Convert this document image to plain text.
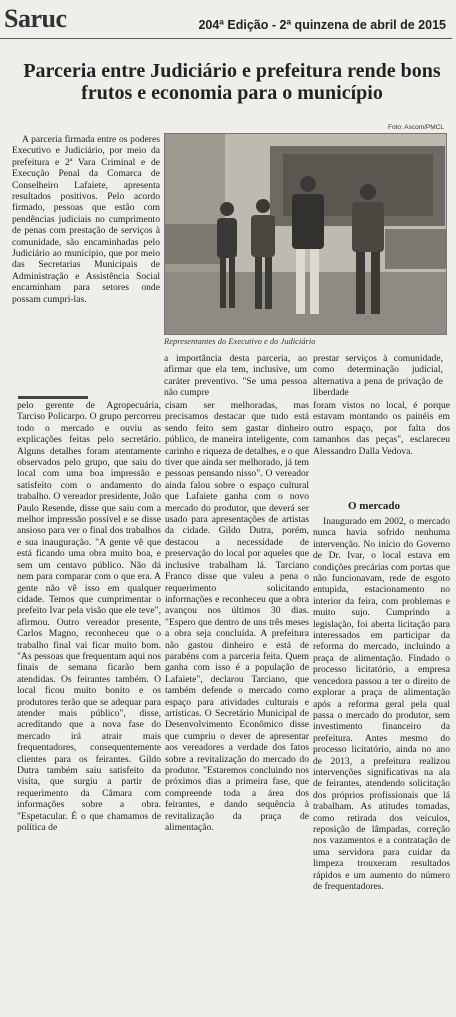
Saruc	204ª Edição - 2ª quinzena de abril de 2015
Parceria entre Judiciário e prefeitura rende bons frutos e economia para o município
Foto: Ascom/PMCL

A parceria firmada entre os poderes Executivo e Judiciário, por meio da prefeitura e 2ª Vara Criminal e de Execução Penal da Comarca de Conselheiro Lafaiete, apresenta resultados positivos. Pelo acordo firmado, pessoas que estão com pendências judiciais no cumprimento de penas com prestação de serviços à comunidade, são encaminhadas pelo Judiciário ao município, que por meio das Secretarias Municipais de Administração e Assistência Social encaminham para setores onde possam cumpri-las.

Representantes do Executivo e do Judiciário

a importância desta parceria, ao afirmar que ela tem, inclusive, um caráter preventivo. "Se uma pessoa não cumpre

prestar serviços à comunidade, como determinação judicial, alternativa a pena de privação de liberdade

pelo gerente de Agropecuária, Tarciso Policarpo. O grupo percorreu todo o mercado e ouviu as explicações feitas pelo secretário. Alguns detalhes foram atentamente observados pelo grupo, que saiu do local com uma boa impressão e satisfeito com o andamento do trabalho. O vereador presidente, João Paulo Resende, disse que saiu com a melhor impressão possível e se disse ansioso para ver o final dos trabalhos e sua inauguração. "A gente vê que está ficando uma obra muito boa, e sem um centavo público. Não dá nem para comparar com o que era. A gente não vê isso em qualquer cidade. Temos que cumprimentar o prefeito Ivar pela visão que ele teve", afirmou. Outro vereador presente, Carlos Magno, reconheceu que o trabalho final vai ficar muito bom. "As pessoas que frequentam aqui nos finais de semana ficarão bem atendidas. Os feirantes também. O local ficou muito bonito e os produtores terão que se adequar para atender mais público", disse, acreditando que a nova fase do mercado irá atrair mais frequentadores, consequentemente clientes para os feirantes. Gildo Dutra também saiu satisfeito da visita, que surgiu a partir de requerimento da Câmara com informações sobre a obra. "Espetacular. É o que chamamos de política de

cisam ser melhoradas, mas precisamos destacar que tudo está sendo feito sem gastar dinheiro público, de maneira inteligente, com carinho e riqueza de detalhes, e o que tiver que ainda ser melhorado, já tem pessoas pensando nisso". O vereador ainda falou sobre o espaço cultural que Lafaiete ganha com o novo mercado do produtor, que deverá ser usado para apresentações de artistas da cidade. Gildo Dutra, porém, destacou a necessidade de preservação do local por aqueles que inclusive trabalham lá. Tarciano Franco disse que valeu a pena o requerimento solicitando informações e reconheceu que a obra avançou nos últimos 30 dias. "Espero que dentro de uns três meses a obra seja concluída. A prefeitura não gastou dinheiro e está de parabéns com a parceria feita. Quem ganha com isso é a população de Lafaiete", declarou Tarciano, que também defende o mercado como espaço para atividades culturais e artísticas. O Secretário Municipal de Desenvolvimento Econômico disse que cumpriu o dever de apresentar aos vereadores a verdade dos fatos sobre a revitalização do mercado do produtor. "Estaremos concluindo nos próximos dias a primeira fase, que compreende toda a área dos feirantes, e dando sequência à revitalização da praça de alimentação.

foram vistos no local, é porque estavam montando os painéis em outro espaço, por falta dos tamanhos das peças", esclareceu Alessandro Dalla Vedova.

O mercado

Inaugurado em 2002, o mercado nunca havia sofrido nenhuma intervenção. No início do Governo de Dr. Ivar, o local estava em condições precárias com portas que não funcionavam, rede de esgoto entupida, estacionamento no interior da feira, com problemas e muito sujo. Cumprindo a legislação, foi aberta licitação para interessados em participar da reforma do mercado, incluindo a praça de alimentação. Findado o processo licitatório, a empresa vencedora passou a ter o direito de explorar a praça de alimentação após a reforma geral pela qual passa o mercado do produtor, sem investimento financeiro da prefeitura. Antes mesmo do processo licitatório, ainda no ano de 2013, a prefeitura realizou intervenções significativas na ala de feirantes, atendendo solicitação dos próprios profissionais que lá trabalham. As atitudes tomadas, como retirada dos veículos, reposição de lâmpadas, correção nos vazamentos e a contratação de uma servidora para cuidar da limpeza trouxeram resultados rápidos e um aumento do número de frequentadores.
